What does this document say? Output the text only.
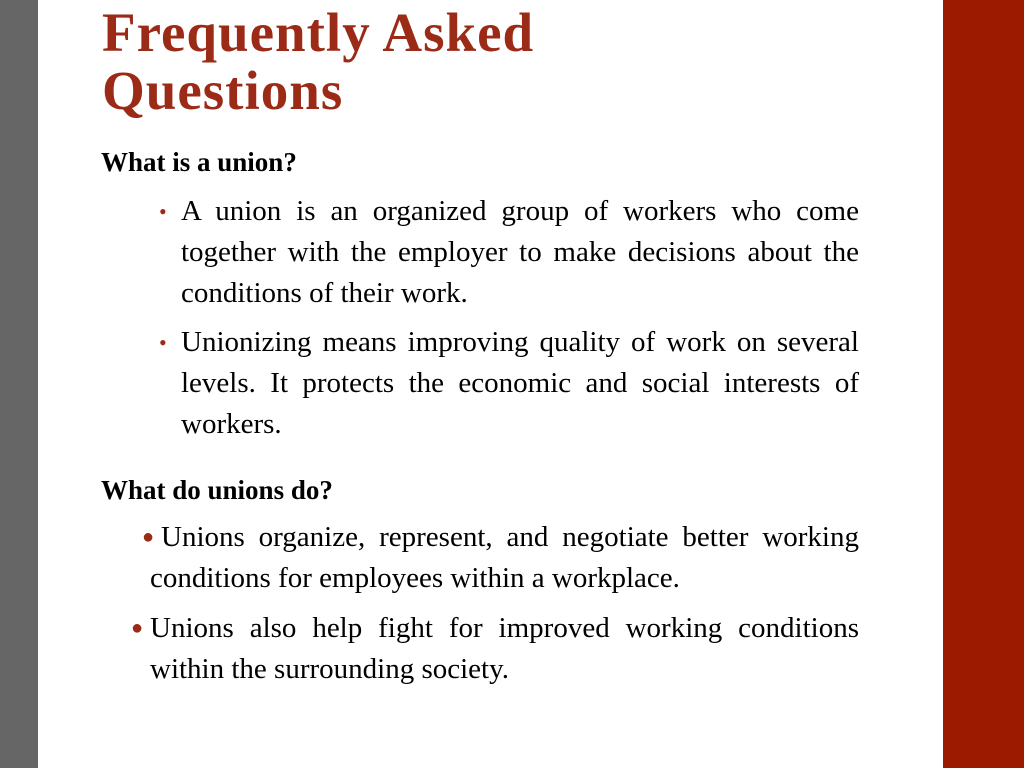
Frequently Asked
Questions
What is a union?
• A union is an organized group of workers who come together with the employer to make decisions about the conditions of their work.
• Unionizing means improving quality of work on several levels. It protects the economic and social interests of workers.
What do unions do?
● Unions organize, represent, and negotiate better working conditions for employees within a workplace.
● Unions also help fight for improved working conditions within the surrounding society.
